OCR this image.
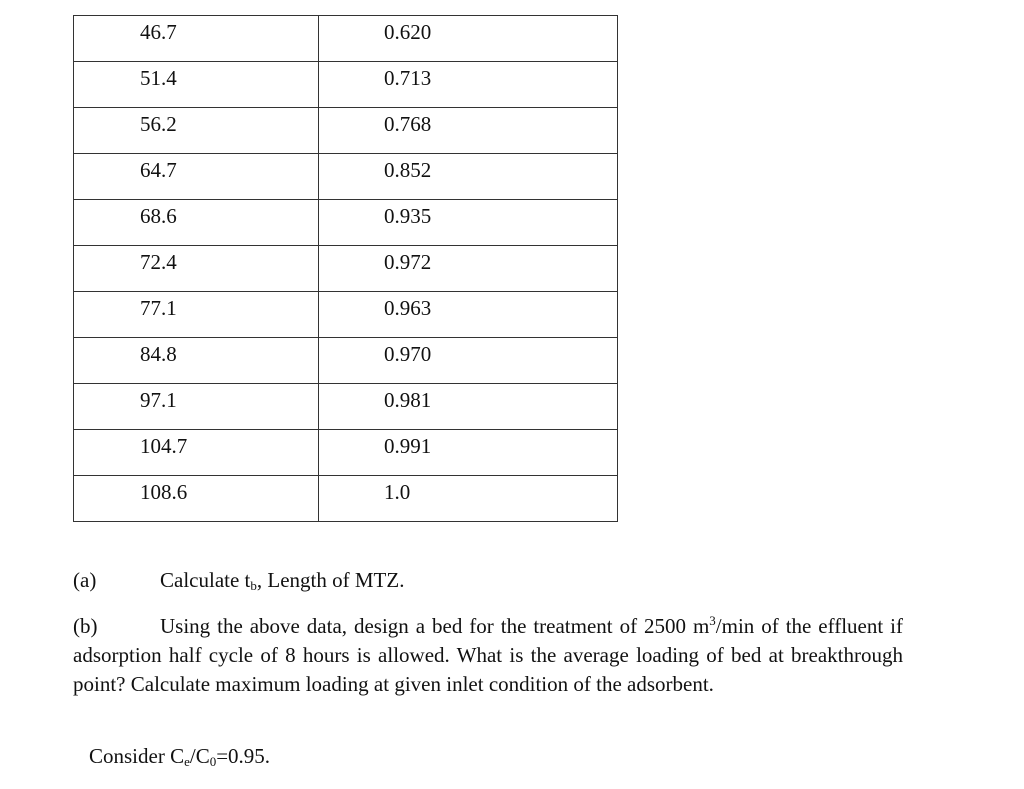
46.7	0.620

51.4	0.713

56.2	0.768

64.7	0.852

68.6	0.935

72.4	0.972

77.1	0.963

84.8	0.970

97.1	0.981

104.7	0.991

108.6	1.0
(a)	Calculate $t_b$, Length of MTZ.
(b)	Using the above data, design a bed for the treatment of 2500 $m^3/\min$ of the effluent if adsorption half cycle of 8 hours is allowed. What is the average loading of bed at breakthrough point? Calculate maximum loading at given inlet condition of the adsorbent.
Consider $C_e/C_0=0.95$.
